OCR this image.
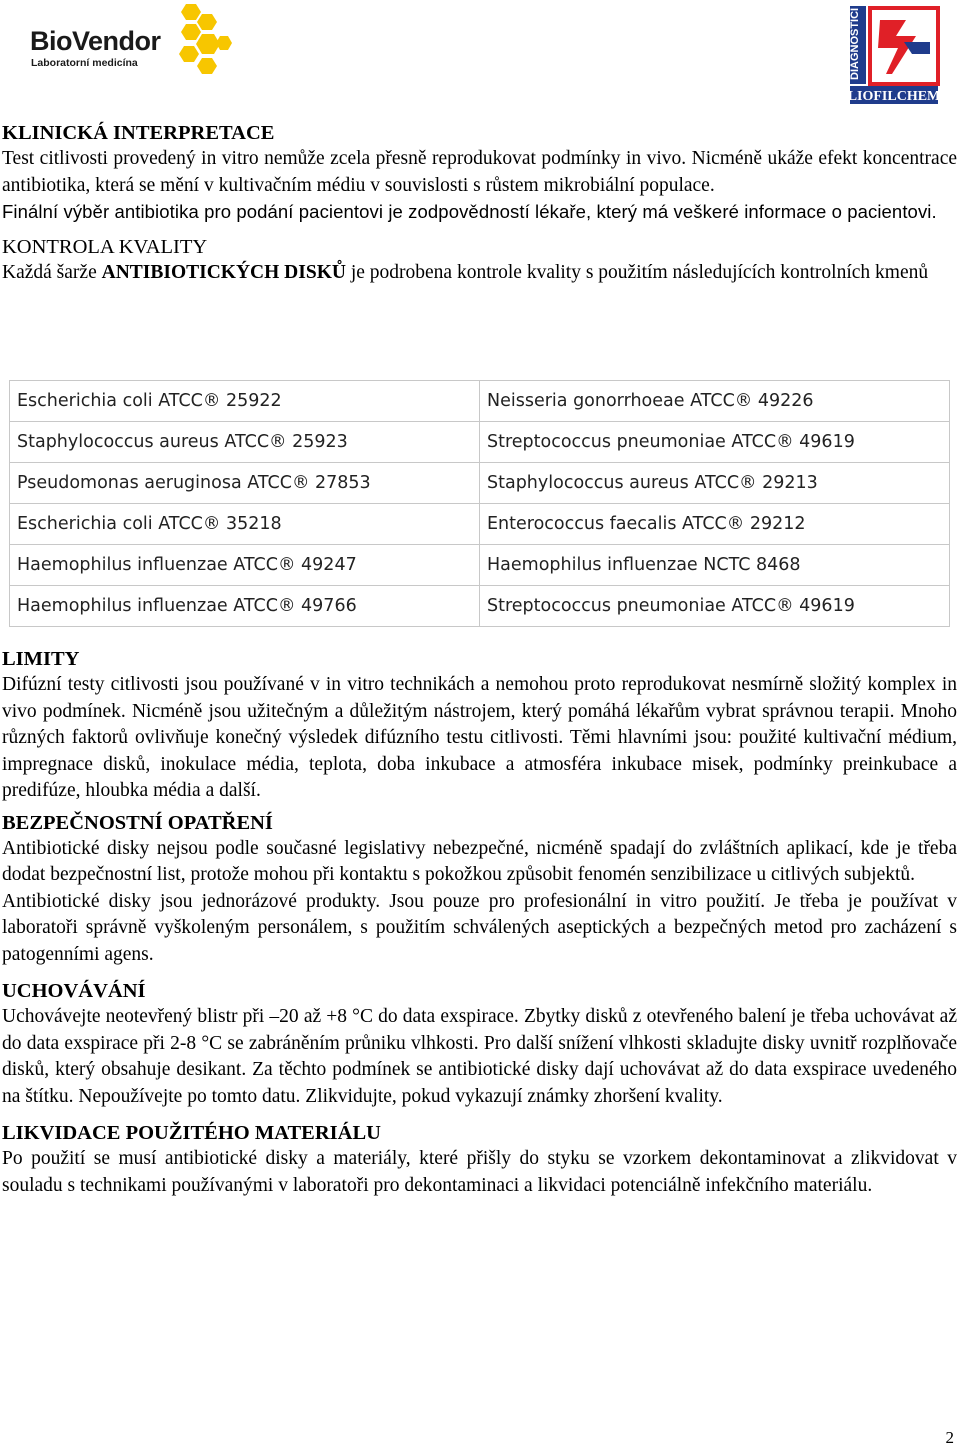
BioVendor
Laboratorní medicína	DIAGNOSTICI
LIOFILCHEM
KLINICKÁ INTERPRETACE

Test citlivosti provedený in vitro nemůže zcela přesně reprodukovat podmínky in vivo. Nicméně ukáže efekt koncentrace antibiotika, která se mění v kultivačním médiu v souvislosti s růstem mikrobiální populace.

Finální výběr antibiotika pro podání pacientovi je zodpovědností lékaře, který má veškeré informace o pacientovi.

KONTROLA KVALITY

Každá šarže ANTIBIOTICKÝCH DISKŮ je podrobena kontrole kvality s použitím následujících kontrolních kmenů

Escherichia coli ATCC® 25922	Neisseria gonorrhoeae ATCC® 49226
Staphylococcus aureus ATCC® 25923	Streptococcus pneumoniae ATCC® 49619
Pseudomonas aeruginosa ATCC® 27853	Staphylococcus aureus ATCC® 29213
Escherichia coli ATCC® 35218	Enterococcus faecalis ATCC® 29212
Haemophilus influenzae ATCC® 49247	Haemophilus influenzae NCTC 8468
Haemophilus influenzae ATCC® 49766	Streptococcus pneumoniae ATCC® 49619
LIMITY

Difúzní testy citlivosti jsou používané v in vitro technikách a nemohou proto reprodukovat nesmírně složitý komplex in vivo podmínek. Nicméně jsou užitečným a důležitým nástrojem, který pomáhá lékařům vybrat správnou terapii. Mnoho různých faktorů ovlivňuje konečný výsledek difúzního testu citlivosti. Těmi hlavními jsou: použité kultivační médium, impregnace disků, inokulace média, teplota, doba inkubace a atmosféra inkubace misek, podmínky preinkubace a predifúze, hloubka média a další.

BEZPEČNOSTNÍ OPATŘENÍ

Antibiotické disky nejsou podle současné legislativy nebezpečné, nicméně spadají do zvláštních aplikací, kde je třeba dodat bezpečnostní list, protože mohou při kontaktu s pokožkou způsobit fenomén senzibilizace u citlivých subjektů.

Antibiotické disky jsou jednorázové produkty. Jsou pouze pro profesionální in vitro použití. Je třeba je používat v laboratoři správně vyškoleným personálem, s použitím schválených aseptických a bezpečných metod pro zacházení s patogenními agens.

UCHOVÁVÁNÍ

Uchovávejte neotevřený blistr při –20 až +8 °C do data exspirace. Zbytky disků z otevřeného balení je třeba uchovávat až do data exspirace při 2-8 °C se zabráněním průniku vlhkosti. Pro další snížení vlhkosti skladujte disky uvnitř rozplňovače disků, který obsahuje desikant. Za těchto podmínek se antibiotické disky dají uchovávat až do data exspirace uvedeného na štítku. Nepoužívejte po tomto datu. Zlikvidujte, pokud vykazují známky zhoršení kvality.

LIKVIDACE POUŽITÉHO MATERIÁLU

Po použití se musí antibiotické disky a materiály, které přišly do styku se vzorkem dekontaminovat a zlikvidovat v souladu s technikami používanými v laboratoři pro dekontaminaci a likvidaci potenciálně infekčního materiálu.

2
